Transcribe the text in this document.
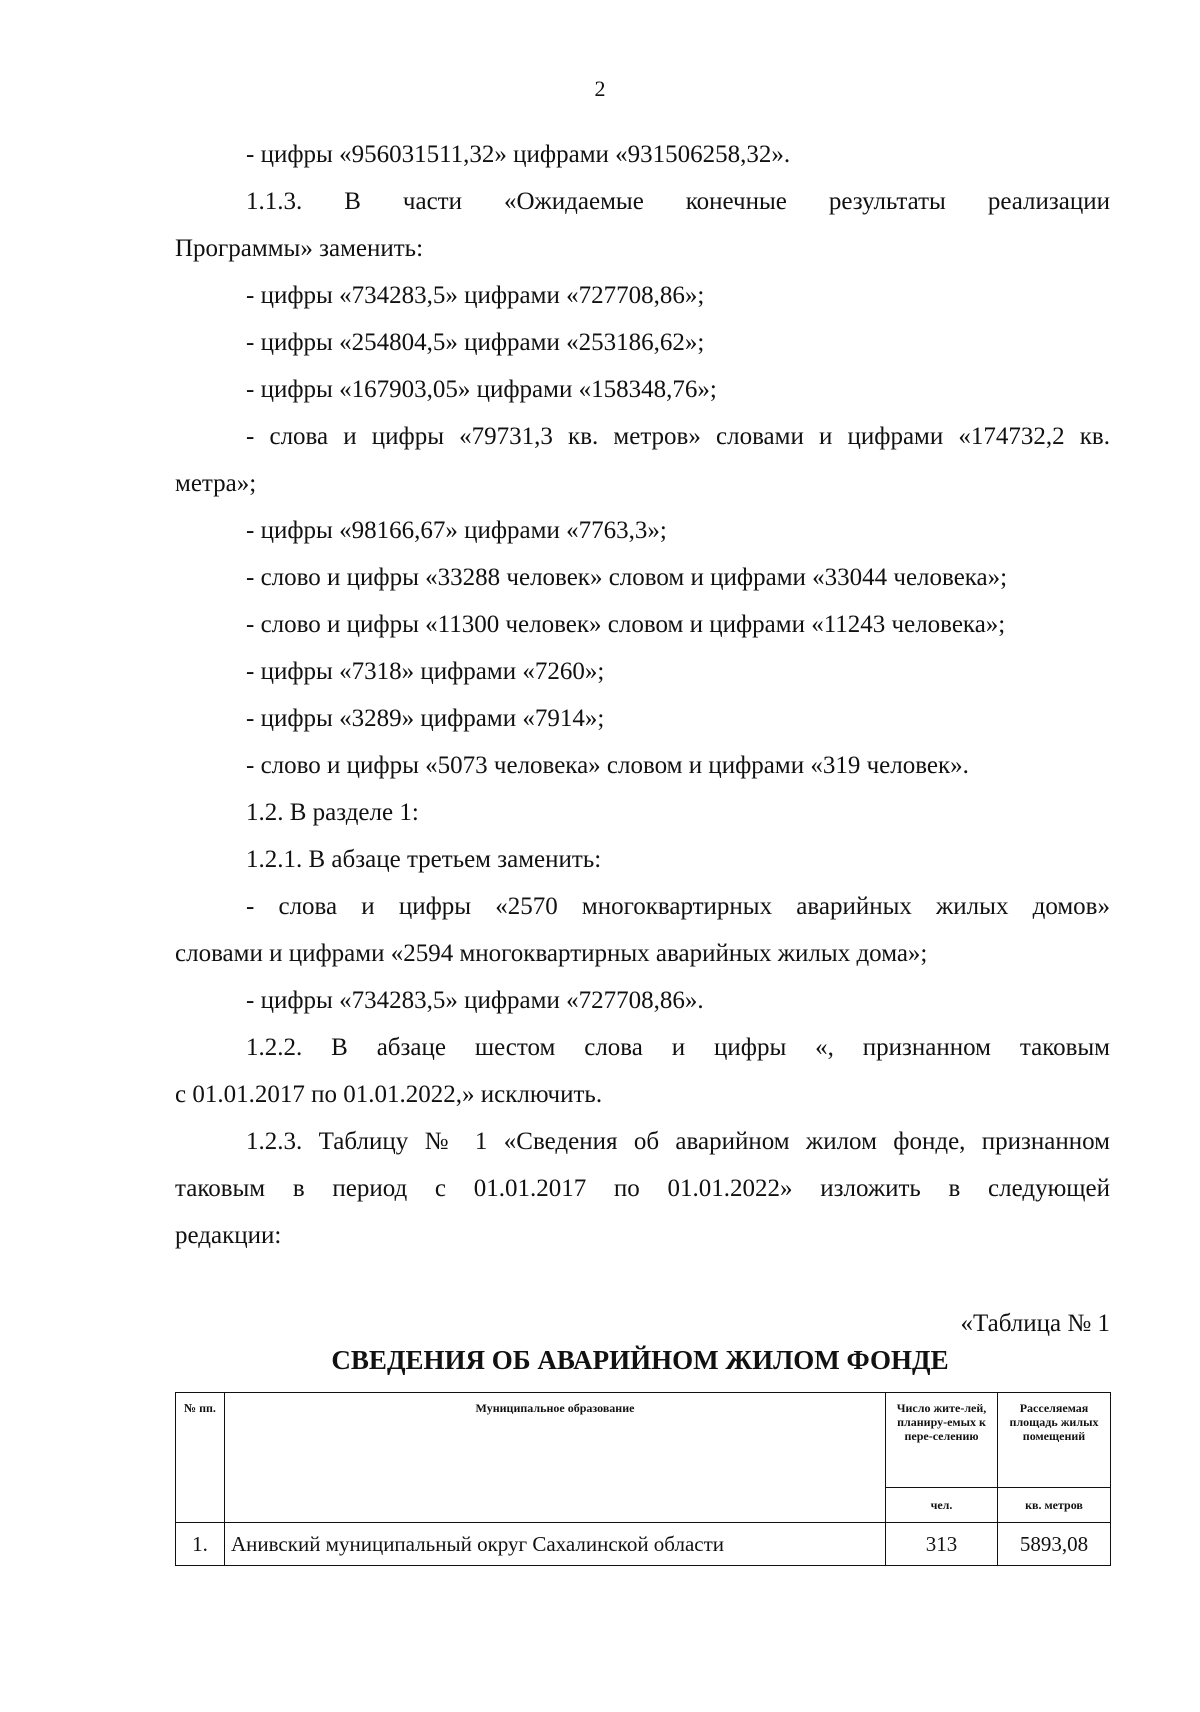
2
- цифры «956031511,32» цифрами «931506258,32».
1.1.3. В части «Ожидаемые конечные результаты реализации
Программы» заменить:
- цифры «734283,5» цифрами «727708,86»;
- цифры «254804,5» цифрами «253186,62»;
- цифры «167903,05» цифрами «158348,76»;
- слова и цифры «79731,3 кв. метров» словами и цифрами «174732,2 кв.
метра»;
- цифры «98166,67» цифрами «7763,3»;
- слово и цифры «33288 человек» словом и цифрами «33044 человека»;
- слово и цифры «11300 человек» словом и цифрами «11243 человека»;
- цифры «7318» цифрами «7260»;
- цифры «3289» цифрами «7914»;
- слово и цифры «5073 человека» словом и цифрами «319 человек».
1.2. В разделе 1:
1.2.1. В абзаце третьем заменить:
- слова и цифры «2570 многоквартирных аварийных жилых домов»
словами и цифрами «2594 многоквартирных аварийных жилых дома»;
- цифры «734283,5» цифрами «727708,86».
1.2.2. В абзаце шестом слова и цифры «, признанном таковым
с 01.01.2017 по 01.01.2022,» исключить.
1.2.3. Таблицу № 1 «Сведения об аварийном жилом фонде, признанном
таковым в период с 01.01.2017 по 01.01.2022» изложить в следующей
редакции:
«Таблица № 1
СВЕДЕНИЯ ОБ АВАРИЙНОМ ЖИЛОМ ФОНДЕ
№ пп.	Муниципальное образование	Число жите-лей, планиру-емых к пере-селению	Расселяемая площадь жилых помещений
		чел.	кв. метров
1.	Анивский муниципальный округ Сахалинской области	313	5893,08
